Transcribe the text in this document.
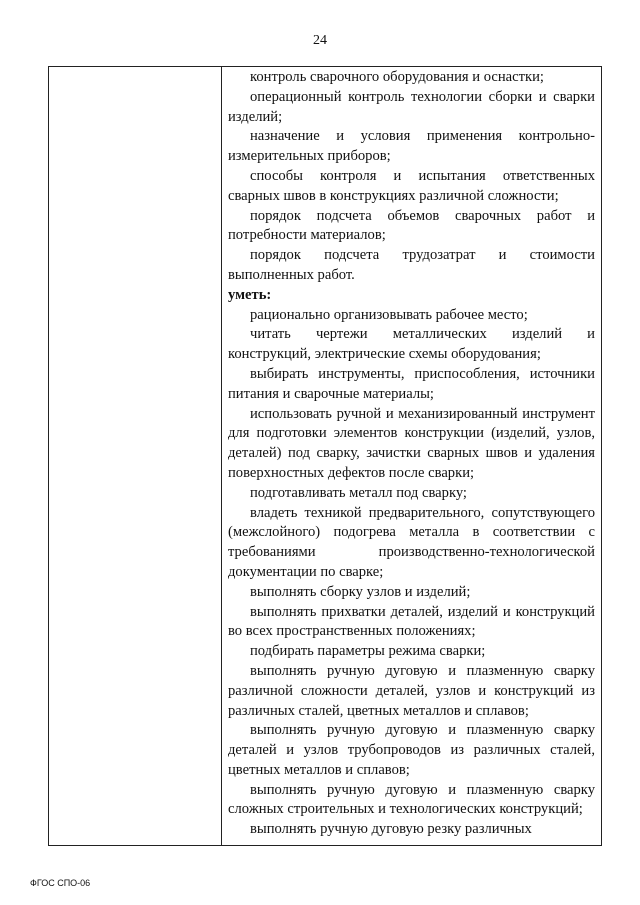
24

контроль сварочного оборудования и оснастки;

операционный контроль технологии сборки и сварки изделий;

назначение и условия применения контрольно-измерительных приборов;

способы контроля и испытания ответственных сварных швов в конструкциях различной сложности;

порядок подсчета объемов сварочных работ и потребности материалов;

порядок подсчета трудозатрат и стоимости выполненных работ.

уметь:

рационально организовывать рабочее место;

читать чертежи металлических изделий и конструкций, электрические схемы оборудования;

выбирать инструменты, приспособления, источники питания и сварочные материалы;

использовать ручной и механизированный инструмент для подготовки элементов конструкции (изделий, узлов, деталей) под сварку, зачистки сварных швов и удаления поверхностных дефектов после сварки;

подготавливать металл под сварку;

владеть техникой предварительного, сопутствующего (межслойного) подогрева металла в соответствии с требованиями производственно-технологической документации по сварке;

выполнять сборку узлов и изделий;

выполнять прихватки деталей, изделий и конструкций во всех пространственных положениях;

подбирать параметры режима сварки;

выполнять ручную дуговую и плазменную сварку различной сложности деталей, узлов и конструкций из различных сталей, цветных металлов и сплавов;

выполнять ручную дуговую и плазменную сварку деталей и узлов трубопроводов из различных сталей, цветных металлов и сплавов;

выполнять ручную дуговую и плазменную сварку сложных строительных и технологических конструкций;

выполнять ручную дуговую резку различных

ФГОС СПО-06
